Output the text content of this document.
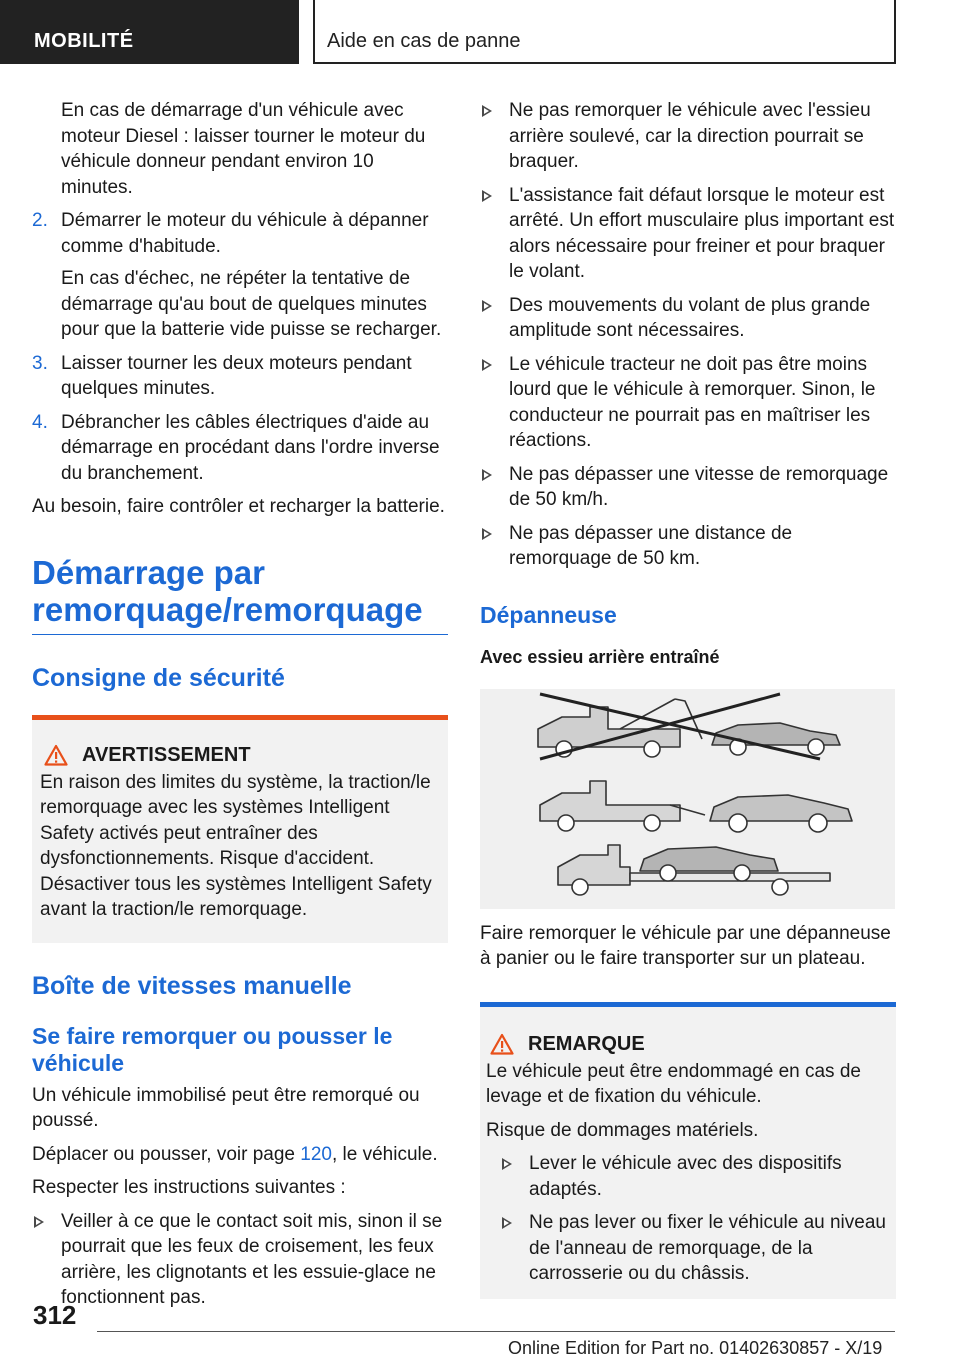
MOBILITÉ	Aide en cas de panne

En cas de démarrage d'un véhicule avec moteur Diesel : laisser tourner le moteur du véhicule donneur pendant environ 10 minutes.

2. Démarrer le moteur du véhicule à dépanner comme d'habitude.

En cas d'échec, ne répéter la tentative de démarrage qu'au bout de quelques minutes pour que la batterie vide puisse se recharger.

3. Laisser tourner les deux moteurs pendant quelques minutes.

4. Débrancher les câbles électriques d'aide au démarrage en procédant dans l'ordre inverse du branchement.

Au besoin, faire contrôler et recharger la batterie.

Démarrage par remorquage/remorquage
Consigne de sécurité
AVERTISSEMENT

En raison des limites du système, la traction/le remorquage avec les systèmes Intelligent Safety activés peut entraîner des dysfonctionnements. Risque d'accident. Désactiver tous les systèmes Intelligent Safety avant la traction/le remorquage.

Boîte de vitesses manuelle
Se faire remorquer ou pousser le véhicule

Un véhicule immobilisé peut être remorqué ou poussé.

Déplacer ou pousser, voir page 120, le véhicule.

Respecter les instructions suivantes :

Veiller à ce que le contact soit mis, sinon il se pourrait que les feux de croisement, les feux arrière, les clignotants et les essuie-glace ne fonctionnent pas.

Ne pas remorquer le véhicule avec l'essieu arrière soulevé, car la direction pourrait se braquer.

L'assistance fait défaut lorsque le moteur est arrêté. Un effort musculaire plus important est alors nécessaire pour freiner et pour braquer le volant.

Des mouvements du volant de plus grande amplitude sont nécessaires.

Le véhicule tracteur ne doit pas être moins lourd que le véhicule à remorquer. Sinon, le conducteur ne pourrait pas en maîtriser les réactions.

Ne pas dépasser une vitesse de remorquage de 50 km/h.

Ne pas dépasser une distance de remorquage de 50 km.

Dépanneuse
Avec essieu arrière entraîné

Faire remorquer le véhicule par une dépanneuse à panier ou le faire transporter sur un plateau.

REMARQUE

Le véhicule peut être endommagé en cas de levage et de fixation du véhicule.

Risque de dommages matériels.

Lever le véhicule avec des dispositifs adaptés.

Ne pas lever ou fixer le véhicule au niveau de l'anneau de remorquage, de la carrosserie ou du châssis.

312
Online Edition for Part no. 01402630857 - X/19
